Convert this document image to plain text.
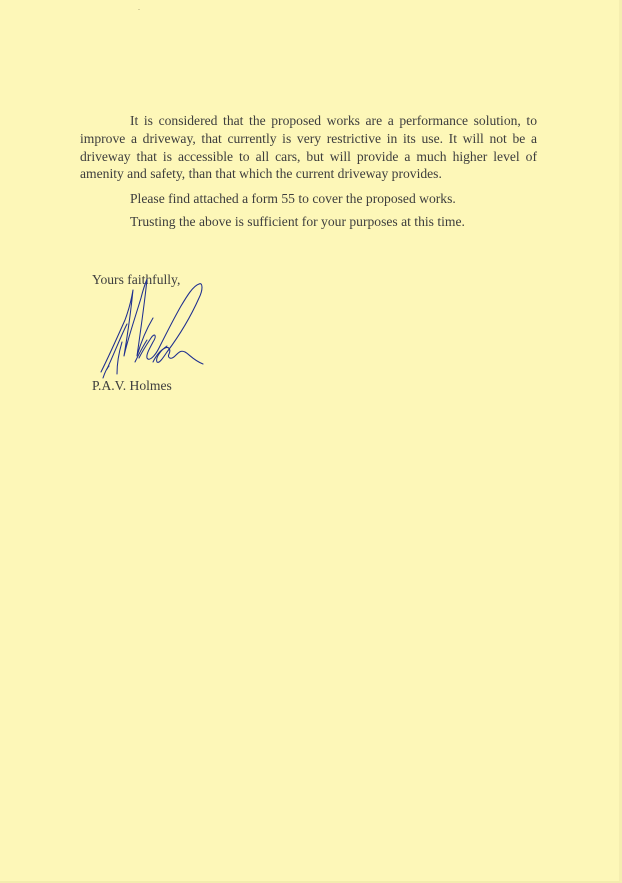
It is considered that the proposed works are a performance solution, to improve a driveway, that currently is very restrictive in its use. It will not be a driveway that is accessible to all cars, but will provide a much higher level of amenity and safety, than that which the current driveway provides.

Please find attached a form 55 to cover the proposed works.

Trusting the above is sufficient for your purposes at this time.

Yours faithfully,
P.A.V. Holmes
